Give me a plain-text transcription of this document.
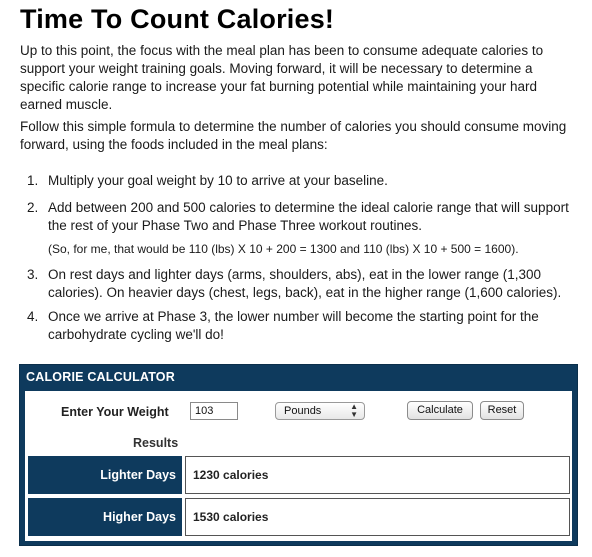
Time To Count Calories!
Up to this point, the focus with the meal plan has been to consume adequate calories to support your weight training goals. Moving forward, it will be necessary to determine a specific calorie range to increase your fat burning potential while maintaining your hard earned muscle.
Follow this simple formula to determine the number of calories you should consume moving forward, using the foods included in the meal plans:
1. Multiply your goal weight by 10 to arrive at your baseline.
2. Add between 200 and 500 calories to determine the ideal calorie range that will support the rest of your Phase Two and Phase Three workout routines.
(So, for me, that would be 110 (lbs) X 10 + 200 = 1300 and 110 (lbs) X 10 + 500 = 1600).
3. On rest days and lighter days (arms, shoulders, abs), eat in the lower range (1,300 calories). On heavier days (chest, legs, back), eat in the higher range (1,600 calories).
4. Once we arrive at Phase 3, the lower number will become the starting point for the carbohydrate cycling we'll do!
CALORIE CALCULATOR
Enter Your Weight
103	Pounds	▲
▼	Calculate	Reset
Results
Lighter Days	1230 calories
Higher Days	1530 calories
